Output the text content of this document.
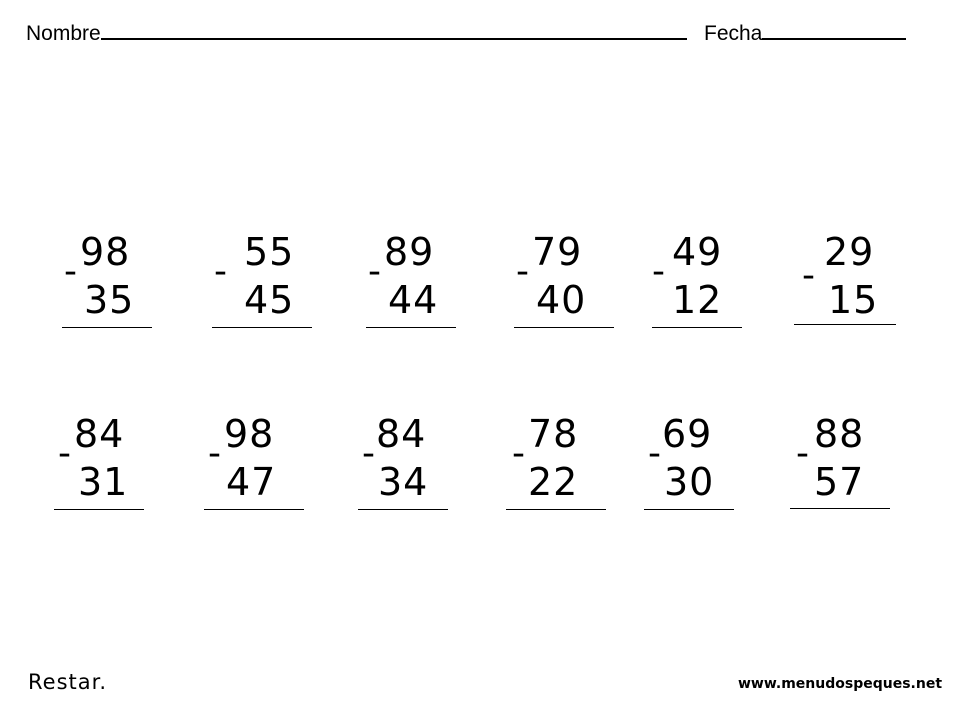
Nombre	Fecha
- 98
35
- 55
45
- 89
44
- 79
40
- 49
12
-
29
15
- 84
31
- 98
47
- 84
34
- 78
22
- 69
30
- 88
57
Restar.	www.menudospeques.net
